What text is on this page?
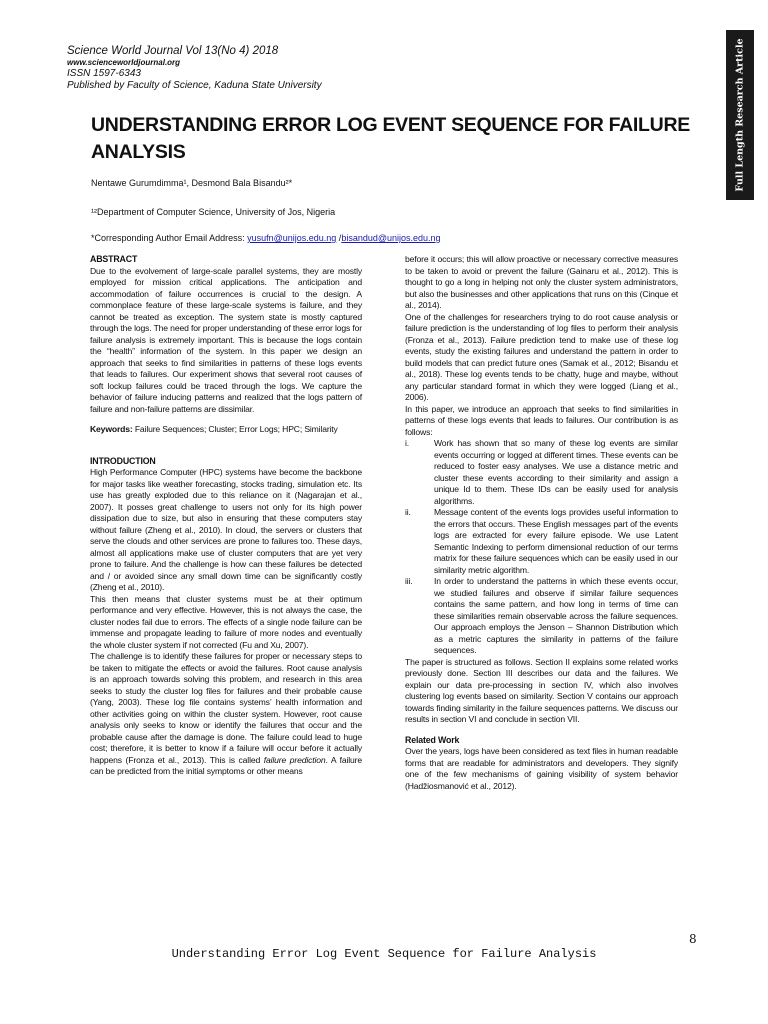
Science World Journal Vol 13(No 4) 2018
www.scienceworldjournal.org
ISSN 1597-6343
Published by Faculty of Science, Kaduna State University	Full Length Research Article
UNDERSTANDING ERROR LOG EVENT SEQUENCE FOR FAILURE ANALYSIS
Nentawe Gurumdimma¹, Desmond Bala Bisandu²*
¹²Department of Computer Science, University of Jos, Nigeria
*Corresponding Author Email Address: yusufn@unijos.edu.ng /bisandud@unijos.edu.ng
ABSTRACT

Due to the evolvement of large-scale parallel systems, they are mostly employed for mission critical applications. The anticipation and accommodation of failure occurrences is crucial to the design. A commonplace feature of these large-scale systems is failure, and they cannot be treated as exception. The system state is mostly captured through the logs. The need for proper understanding of these error logs for failure analysis is extremely important. This is because the logs contain the “health” information of the system. In this paper we design an approach that seeks to find similarities in patterns of these logs events that leads to failures. Our experiment shows that several root causes of soft lockup failures could be traced through the logs. We capture the behavior of failure inducing patterns and realized that the logs pattern of failure and non-failure patterns are dissimilar.

Keywords: Failure Sequences; Cluster; Error Logs; HPC; Similarity

INTRODUCTION

High Performance Computer (HPC) systems have become the backbone for major tasks like weather forecasting, stocks trading, simulation etc. Its use has greatly exploded due to this reliance on it (Nagarajan et al., 2007). It posses great challenge to users not only for its high power dissipation due to size, but also in ensuring that these computers stay without failure (Zheng et al., 2010). In cloud, the servers or clusters that serve the clouds and other services are prone to failures too. These days, almost all applications make use of cluster computers that are yet very prone to failure. And the challenge is how can these failures be detected and / or avoided since any small down time can be significantly costly (Zheng et al., 2010).

This then means that cluster systems must be at their optimum performance and very effective. However, this is not always the case, the cluster nodes fail due to errors. The effects of a single node failure can be immense and propagate leading to failure of more nodes and eventually the whole cluster system if not corrected (Fu and Xu, 2007).

The challenge is to identify these failures for proper or necessary steps to be taken to mitigate the effects or avoid the failures. Root cause analysis is an approach towards solving this problem, and research in this area seeks to study the cluster log files for failures and their probable cause (Yang, 2003). These log file contains systems’ health information and other activities going on within the cluster system. However, root cause analysis only seeks to know or identify the failures that occur and the probable cause after the damage is done. The failure could lead to huge cost; therefore, it is better to know if a failure will occur before it actually happens (Fronza et al., 2013). This is called failure prediction. A failure can be predicted from the initial symptoms or other means

before it occurs; this will allow proactive or necessary corrective measures to be taken to avoid or prevent the failure (Gainaru et al., 2012). This is thought to go a long in helping not only the cluster system administrators, but also the businesses and other applications that runs on this (Cinque et al., 2014).

One of the challenges for researchers trying to do root cause analysis or failure prediction is the understanding of log files to perform their analysis (Fronza et al., 2013). Failure prediction tend to make use of these log events, study the existing failures and understand the pattern in order to build models that can predict future ones (Samak et al., 2012; Bisandu et al., 2018). These log events tends to be chatty, huge and maybe, without any particular standard format in which they were logged (Liang et al., 2006).

In this paper, we introduce an approach that seeks to find similarities in patterns of these logs events that leads to failures. Our contribution is as follows:

i.	Work has shown that so many of these log events are similar events occurring or logged at different times. These events can be reduced to foster easy analyses. We use a distance metric and cluster these events according to their similarity and assign a unique Id to them. These IDs can be easily used for analysis algorithms.
ii.	Message content of the events logs provides useful information to the errors that occurs. These English messages part of the events logs are extracted for every failure episode. We use Latent Semantic Indexing to perform dimensional reduction of our terms matrix for these failure sequences which can be easily used in our similarity metric algorithm.
iii.	In order to understand the patterns in which these events occur, we studied failures and observe if similar failure sequences contains the same pattern, and how long in terms of time can these similarities remain observable across the failure sequences. Our approach employs the Jenson – Shannon Distribution which as a metric captures the similarity in patterns of the failure sequences.

The paper is structured as follows. Section II explains some related works previously done. Section III describes our data and the failures. We explain our data pre-processing in section IV, which also involves clustering log events based on similarity. Section V contains our approach towards finding similarity in the failure sequences patterns. We discuss our results in section VI and conclude in section VII.

Related Work

Over the years, logs have been considered as text files in human readable forms that are readable for administrators and developers. They signify one of the few mechanisms of gaining visibility of system behavior (Hadžiosmanović et al., 2012).

8
Understanding Error Log Event Sequence for Failure Analysis
